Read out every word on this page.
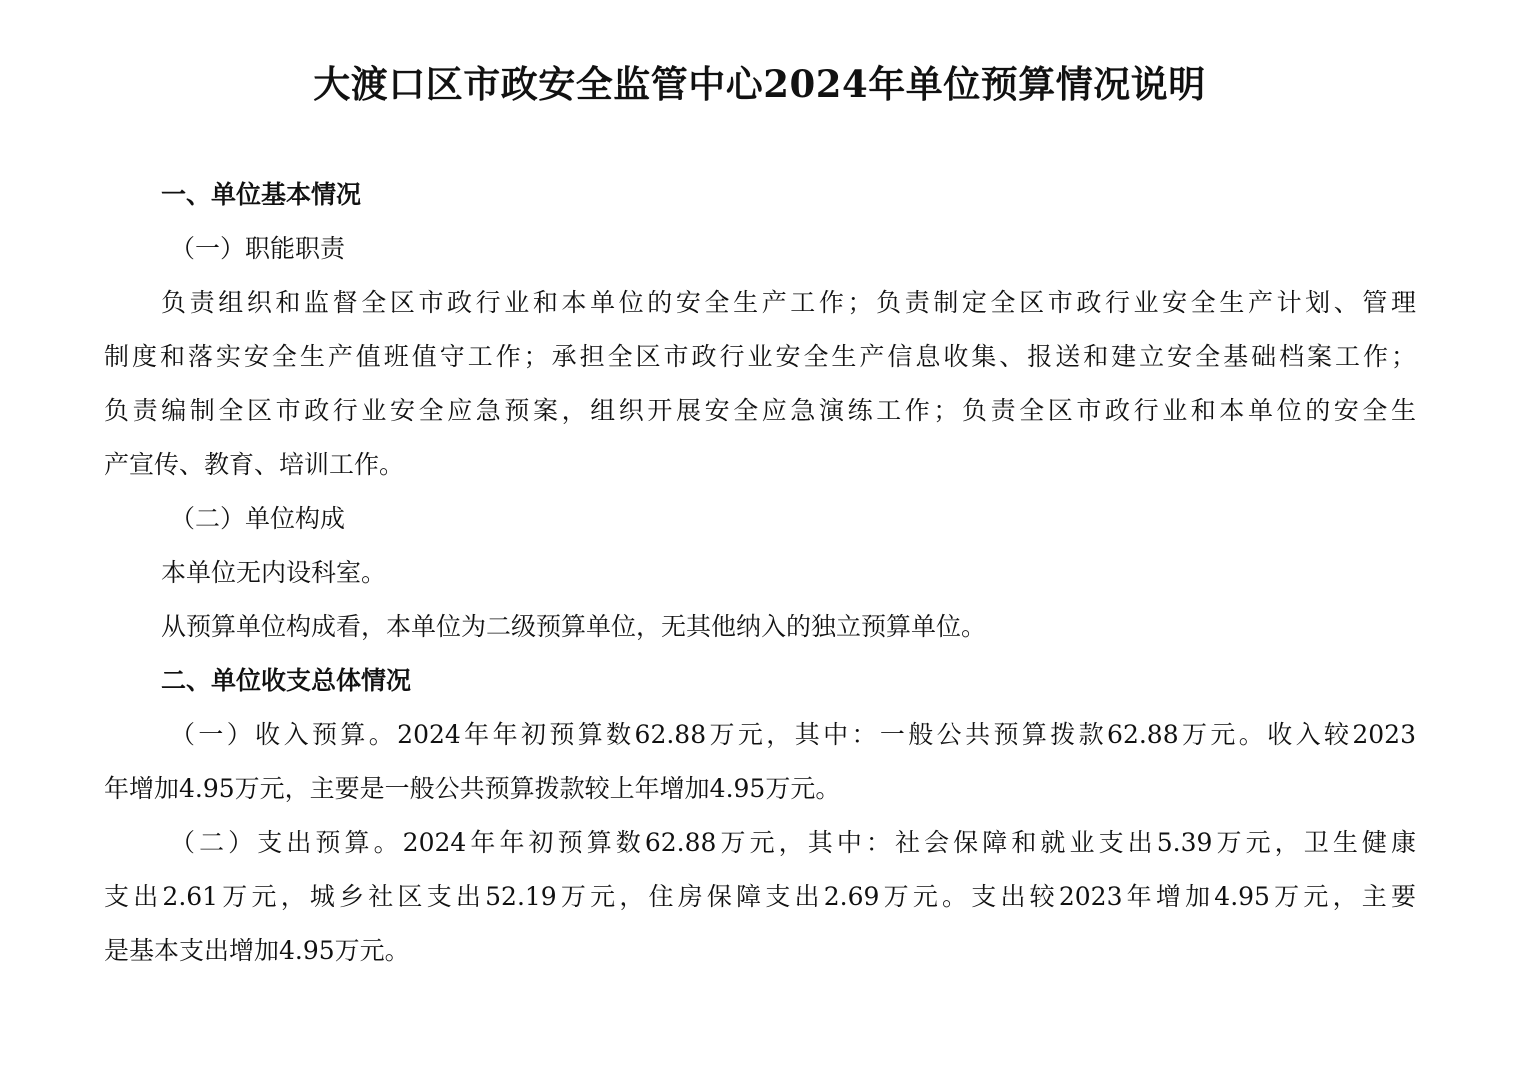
大渡口区市政安全监管中心2024年单位预算情况说明
一、单位基本情况
（一）职能职责
负责组织和监督全区市政行业和本单位的安全生产工作；负责制定全区市政行业安全生产计划、管理
制度和落实安全生产值班值守工作；承担全区市政行业安全生产信息收集、报送和建立安全基础档案工作；
负责编制全区市政行业安全应急预案，组织开展安全应急演练工作；负责全区市政行业和本单位的安全生
产宣传、教育、培训工作。
（二）单位构成
本单位无内设科室。
从预算单位构成看，本单位为二级预算单位，无其他纳入的独立预算单位。
二、单位收支总体情况
（一）收入预算。2024年年初预算数62.88万元，其中：一般公共预算拨款62.88万元。收入较2023
年增加4.95万元，主要是一般公共预算拨款较上年增加4.95万元。
（二）支出预算。2024年年初预算数62.88万元，其中：社会保障和就业支出5.39万元，卫生健康
支出2.61万元，城乡社区支出52.19万元，住房保障支出2.69万元。支出较2023年增加4.95万元，主要
是基本支出增加4.95万元。
